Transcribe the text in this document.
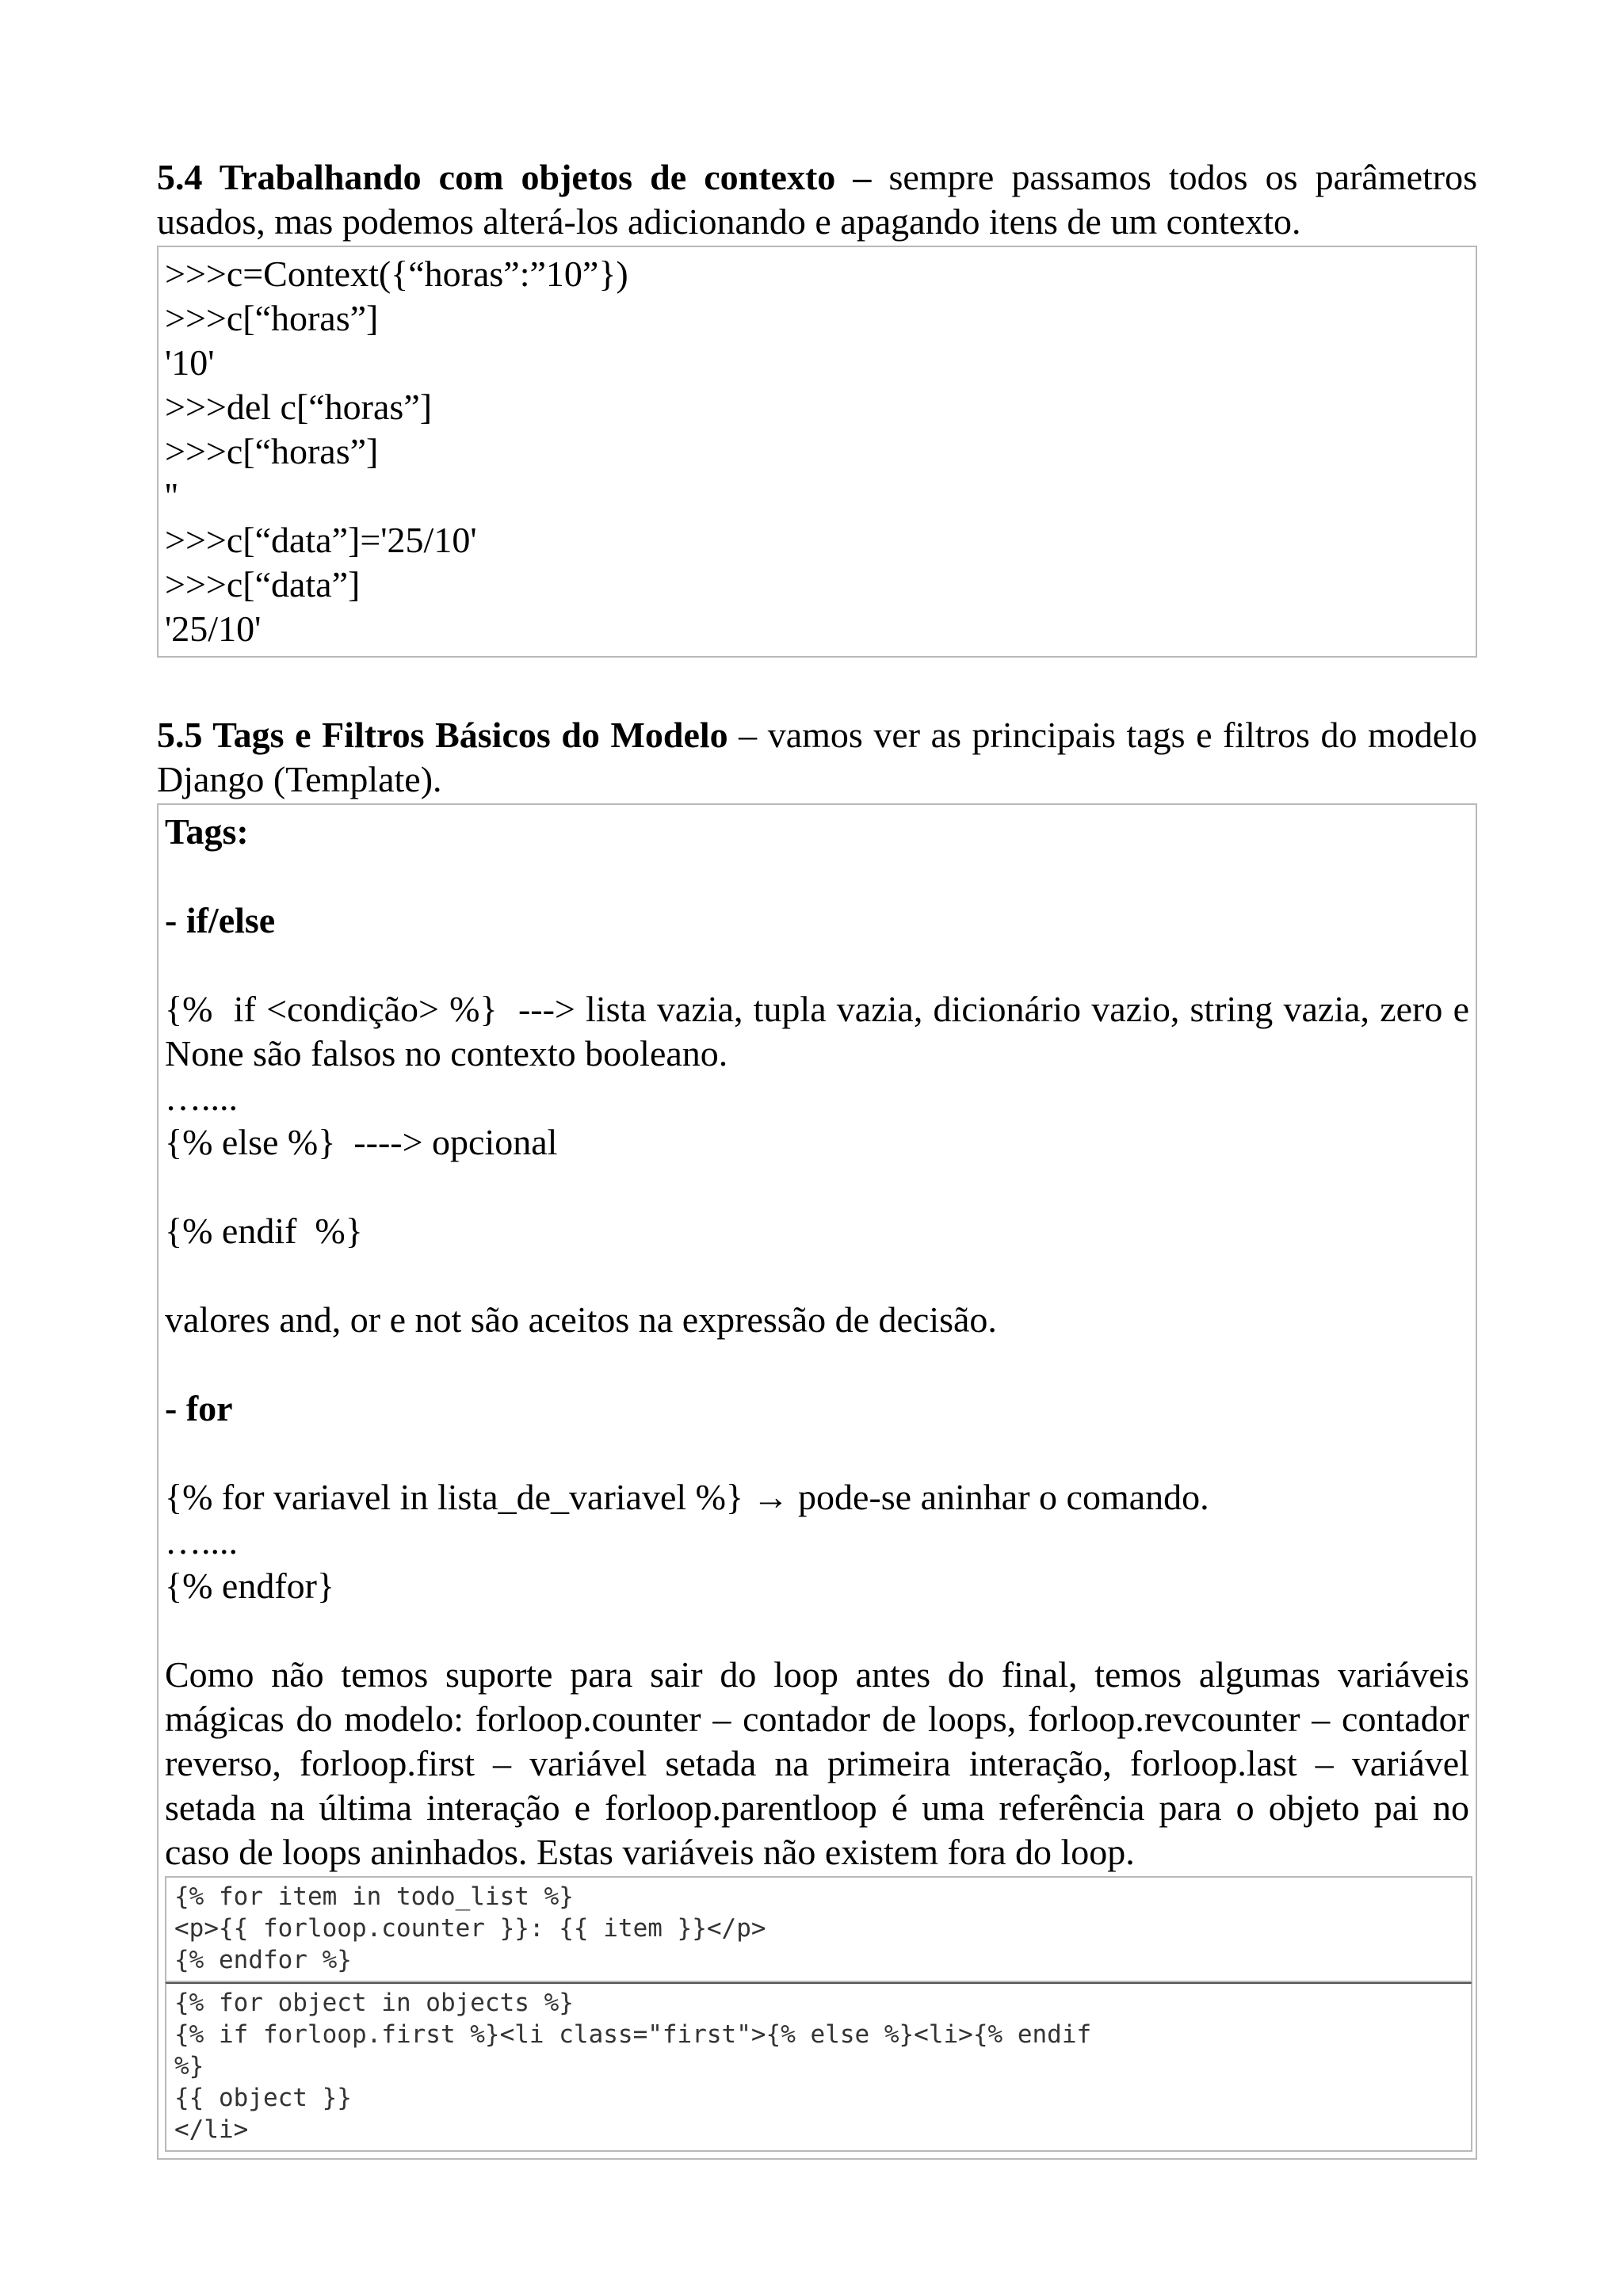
5.4 Trabalhando com objetos de contexto – sempre passamos todos os parâmetros usados, mas podemos alterá-los adicionando e apagando itens de um contexto.

>>>c=Context({“horas”:”10”})
>>>c[“horas”]
'10'
>>>del c[“horas”]
>>>c[“horas”]
''
>>>c[“data”]='25/10'
>>>c[“data”]
'25/10'

5.5 Tags e Filtros Básicos do Modelo – vamos ver as principais tags e filtros do modelo Django (Template).

Tags:
- if/else
{%  if <condição> %}  ---> lista vazia, tupla vazia, dicionário vazio, string vazia, zero e None são falsos no contexto booleano.
…....
{% else %}  ----> opcional
{% endif  %}
valores and, or e not são aceitos na expressão de decisão.
- for
{% for variavel in lista_de_variavel %} → pode-se aninhar o comando.
…....
{% endfor}
Como não temos suporte para sair do loop antes do final, temos algumas variáveis mágicas do modelo: forloop.counter – contador de loops, forloop.revcounter – contador reverso, forloop.first – variável setada na primeira interação, forloop.last – variável setada na última interação e forloop.parentloop é uma referência para o objeto pai no caso de loops aninhados. Estas variáveis não existem fora do loop.
{% for item in todo_list %}
<p>{{ forloop.counter }}: {{ item }}</p>
{% endfor %}
{% for object in objects %}
{% if forloop.first %}<li class="first">{% else %}<li>{% endif
%}
{{ object }}
</li>
